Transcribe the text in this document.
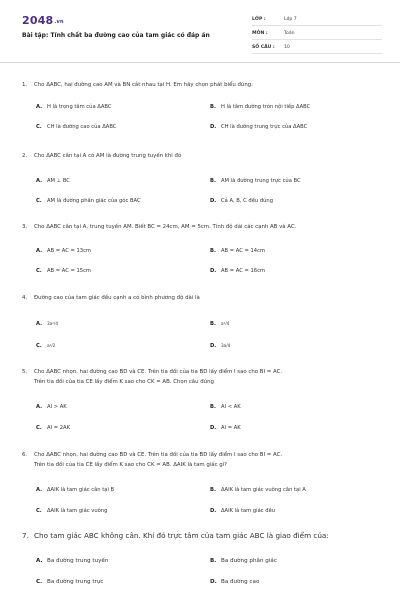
2048.vn
Bài tập: Tính chất ba đường cao của tam giác có đáp án
LỚP :	Lớp 7
MÔN :	Toán
SỐ CÂU : 10
1. Cho ΔABC, hai đường cao AM và BN cắt nhau tại H. Em hãy chọn phát biểu đúng:
A. H là trọng tâm của ΔABC	B. H là tâm đường tròn nội tiếp ΔABC
C. CH là đường cao của ΔABC	D. CH là đường trung trực của ΔABC
2. Cho ΔABC cân tại A có AM là đường trung tuyến khi đó
A. AM ⊥ BC	B. AM là đường trung trực của BC
C. AM là đường phân giác của góc BAC	D. Cả A, B, C đều đúng
3. Cho ΔABC cân tại A, trung tuyến AM. Biết BC = 24cm, AM = 5cm. Tính độ dài các cạnh AB và AC.
A. AB = AC = 13cm	B. AB = AC = 14cm
C. AB = AC = 15cm	D. AB = AC = 16cm
4. Đường cao của tam giác đều cạnh a có bình phương độ dài là
A. 3a²/4	B. a²/4
C. a²/2	D. 3a/4
5. Cho ΔABC nhọn, hai đường cao BD và CE. Trên tia đối của tia BD lấy điểm I sao cho BI = AC.
Trên tia đối của tia CE lấy điểm K sao cho CK = AB. Chọn câu đúng
A. AI > AK	B. AI < AK
C. AI = 2AK	D. AI = AK
6. Cho ΔABC nhọn, hai đường cao BD và CE. Trên tia đối của tia BD lấy điểm I sao cho BI = AC.
Trên tia đối của tia CE lấy điểm K sao cho CK = AB. ΔAIK là tam giác gì?
A. ΔAIK là tam giác cân tại B	B. ΔAIK là tam giác vuông cân tại A
C. ΔAIK là tam giác vuông	D. ΔAIK là tam giác đều
7. Cho tam giác ABC không cân. Khi đó trực tâm của tam giác ABC là giao điểm của:
A. Ba đường trung tuyến	B. Ba đường phân giác
C. Ba đường trung trực	D. Ba đường cao
